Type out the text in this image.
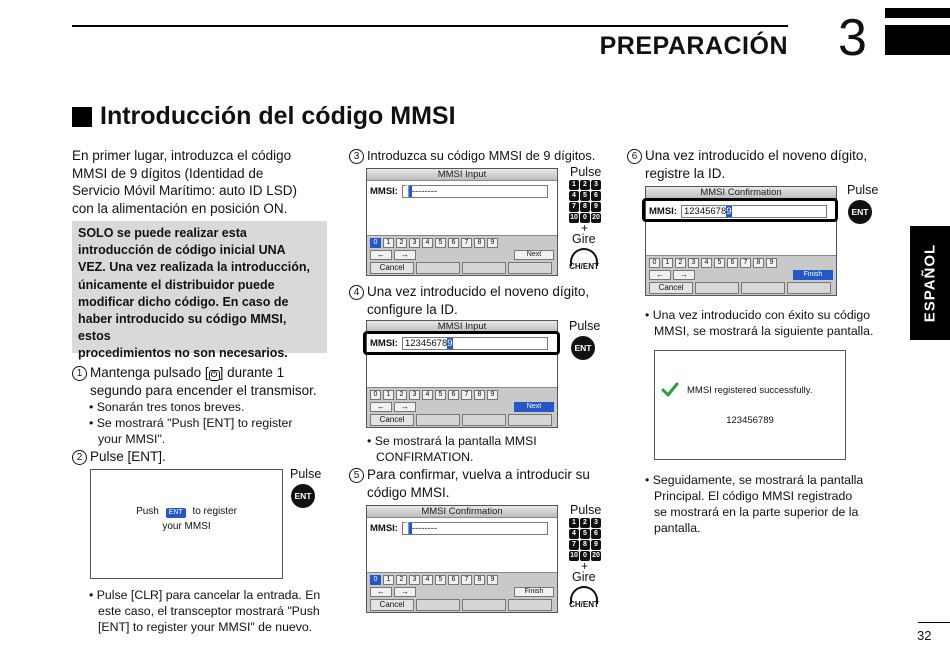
PREPARACIÓN 3
Introducción del código MMSI
En primer lugar, introduzca el código
MMSI de 9 dígitos (Identidad de
Servicio Móvil Marítimo: auto ID LSD)
con la alimentación en posición ON.
SOLO se puede realizar esta
introducción de código inicial UNA
VEZ. Una vez realizada la introducción,
únicamente el distribuidor puede
modificar dicho código. En caso de
haber introducido su código MMSI, estos
procedimientos no son necesarios.
1 Mantenga pulsado [ ⏻ ] durante 1
segundo para encender el transmisor.
• Sonarán tres tonos breves.
• Se mostrará "Push [ENT] to register
your MMSI".
2 Pulse [ENT].
Push ENT to register
your MMSI
Pulse
ENT
• Pulse [CLR] para cancelar la entrada. En
este caso, el transceptor mostrará "Push
[ENT] to register your MMSI" de nuevo.
3 Introduzca su código MMSI de 9 dígitos.
MMSI Input
MMSI: ▌--------
0	1	2	3	4	5	6	7	8	9
←	→	Next
Cancel
Pulse
1	2	3
4	5	6
7	8	9
10 0 20
+
Gire
CH/ENT
4 Una vez introducido el noveno dígito,
configure la ID.
MMSI Input
MMSI: 123456789
0	1	2	3	4	5	6	7	8	9
←	→	Next
Cancel
Pulse
ENT
• Se mostrará la pantalla MMSI
CONFIRMATION.
5 Para confirmar, vuelva a introducir su
código MMSI.
MMSI Confirmation
MMSI: ▌--------
0	1	2	3	4	5	6	7	8	9
←	→	Finish
Cancel
Pulse
1	2	3
4	5	6
7	8	9
10 0 20
+
Gire
CH/ENT
6 Una vez introducido el noveno dígito,
registre la ID.
MMSI Confirmation
MMSI: 123456789
0	1	2	3	4	5	6	7	8	9
←	→	Finish
Cancel
Pulse
ENT
• Una vez introducido con éxito su código
MMSI, se mostrará la siguiente pantalla.
MMSI registered successfully.
123456789
• Seguidamente, se mostrará la pantalla
Principal. El código MMSI registrado
se mostrará en la parte superior de la
pantalla.
ESPAÑOL
32
